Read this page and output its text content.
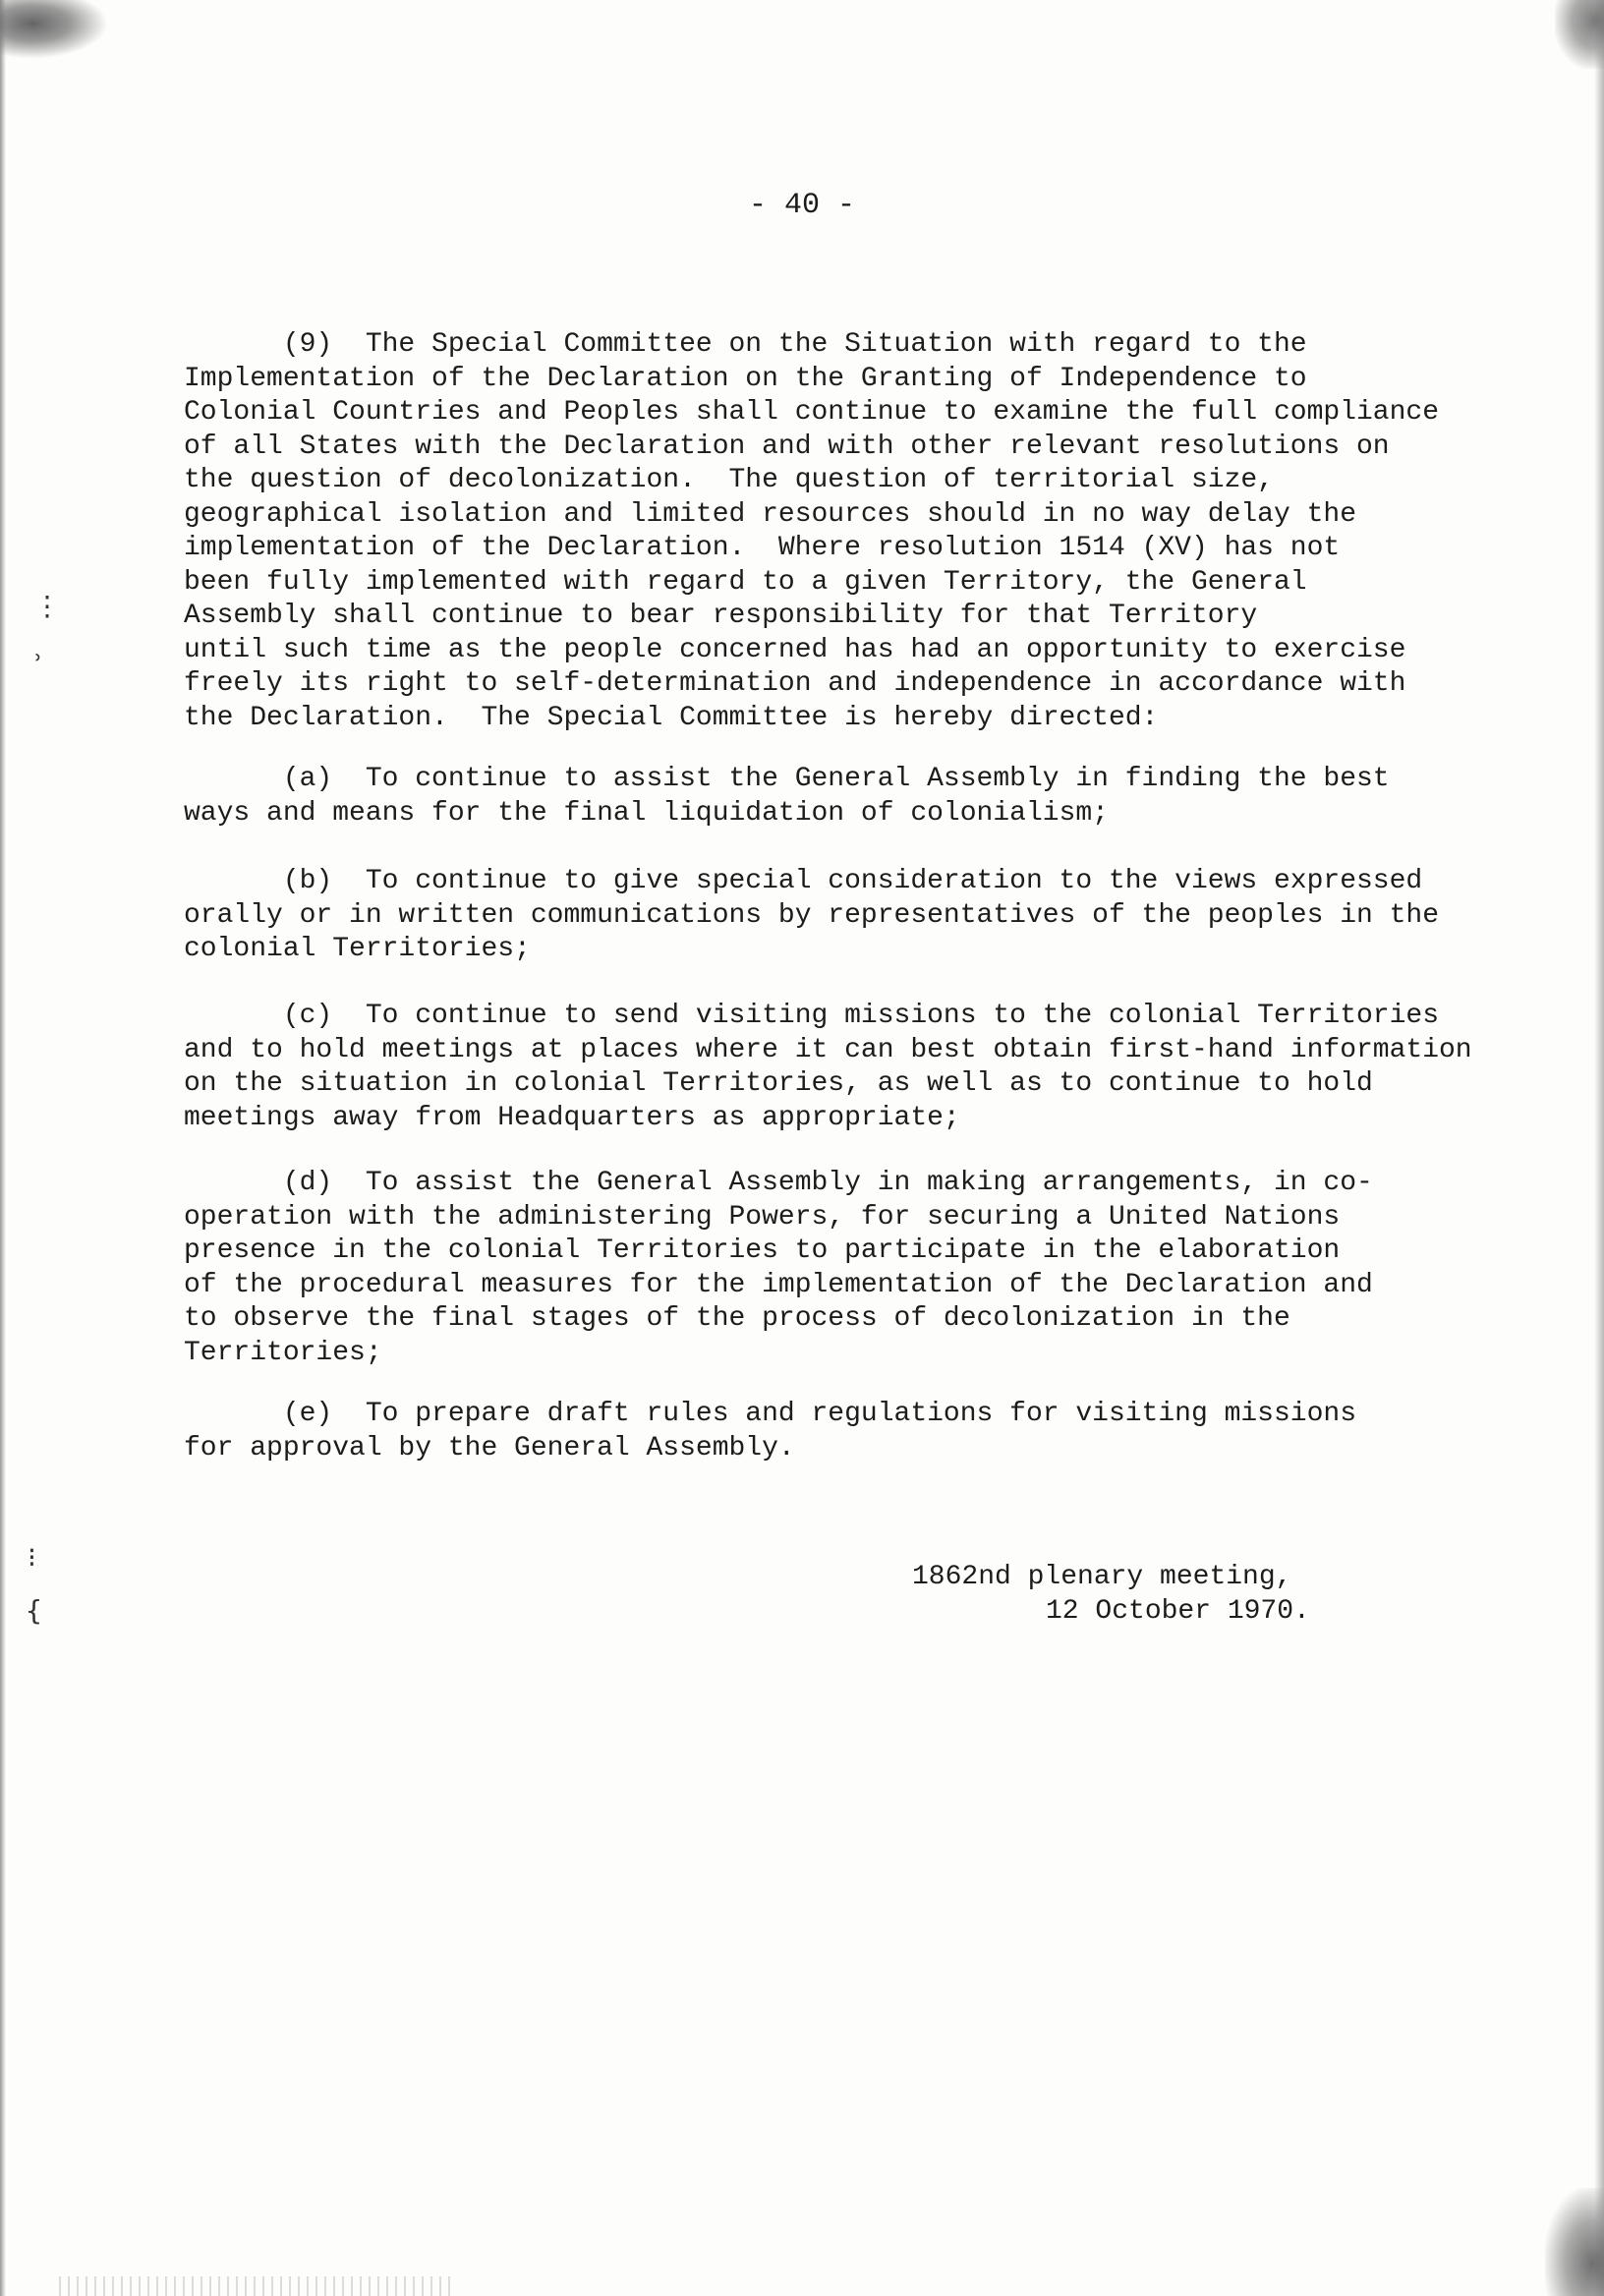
⋮
ʾ
⁝
{
- 40 -
(9)  The Special Committee on the Situation with regard to the
Implementation of the Declaration on the Granting of Independence to
Colonial Countries and Peoples shall continue to examine the full compliance
of all States with the Declaration and with other relevant resolutions on
the question of decolonization.  The question of territorial size,
geographical isolation and limited resources should in no way delay the
implementation of the Declaration.  Where resolution 1514 (XV) has not
been fully implemented with regard to a given Territory, the General
Assembly shall continue to bear responsibility for that Territory
until such time as the people concerned has had an opportunity to exercise
freely its right to self-determination and independence in accordance with
the Declaration.  The Special Committee is hereby directed:
(a)  To continue to assist the General Assembly in finding the best
ways and means for the final liquidation of colonialism;
(b)  To continue to give special consideration to the views expressed
orally or in written communications by representatives of the peoples in the
colonial Territories;
(c)  To continue to send visiting missions to the colonial Territories
and to hold meetings at places where it can best obtain first-hand information
on the situation in colonial Territories, as well as to continue to hold
meetings away from Headquarters as appropriate;
(d)  To assist the General Assembly in making arrangements, in co-
operation with the administering Powers, for securing a United Nations
presence in the colonial Territories to participate in the elaboration
of the procedural measures for the implementation of the Declaration and
to observe the final stages of the process of decolonization in the
Territories;
(e)  To prepare draft rules and regulations for visiting missions
for approval by the General Assembly.
1862nd plenary meeting,
12 October 1970.
